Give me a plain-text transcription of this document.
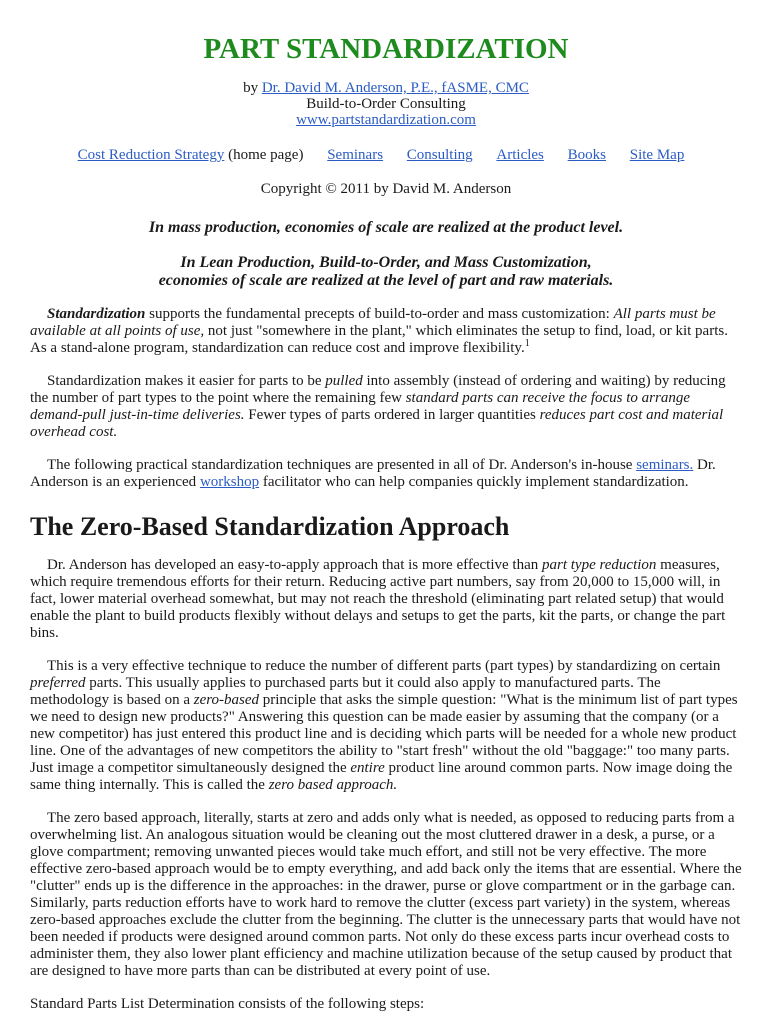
PART STANDARDIZATION
by Dr. David M. Anderson, P.E., fASME, CMC
Build-to-Order Consulting
www.partstandardization.com
Cost Reduction Strategy (home page) Seminars Consulting Articles Books Site Map
Copyright © 2011 by David M. Anderson
In mass production, economies of scale are realized at the product level.
In Lean Production, Build-to-Order, and Mass Customization,
economies of scale are realized at the level of part and raw materials.

Standardization supports the fundamental precepts of build-to-order and mass customization: All parts must be available at all points of use, not just "somewhere in the plant," which eliminates the setup to find, load, or kit parts. As a stand-alone program, standardization can reduce cost and improve flexibility.$^1$

Standardization makes it easier for parts to be pulled into assembly (instead of ordering and waiting) by reducing the number of part types to the point where the remaining few standard parts can receive the focus to arrange demand-pull just-in-time deliveries. Fewer types of parts ordered in larger quantities reduces part cost and material overhead cost.

The following practical standardization techniques are presented in all of Dr. Anderson's in-house seminars. Dr. Anderson is an experienced workshop facilitator who can help companies quickly implement standardization.

The Zero-Based Standardization Approach

Dr. Anderson has developed an easy-to-apply approach that is more effective than part type reduction measures, which require tremendous efforts for their return. Reducing active part numbers, say from 20,000 to 15,000 will, in fact, lower material overhead somewhat, but may not reach the threshold (eliminating part related setup) that would enable the plant to build products flexibly without delays and setups to get the parts, kit the parts, or change the part bins.

This is a very effective technique to reduce the number of different parts (part types) by standardizing on certain preferred parts. This usually applies to purchased parts but it could also apply to manufactured parts. The methodology is based on a zero-based principle that asks the simple question: "What is the minimum list of part types we need to design new products?" Answering this question can be made easier by assuming that the company (or a new competitor) has just entered this product line and is deciding which parts will be needed for a whole new product line. One of the advantages of new competitors the ability to "start fresh" without the old "baggage:" too many parts. Just image a competitor simultaneously designed the entire product line around common parts. Now image doing the same thing internally. This is called the zero based approach.

The zero based approach, literally, starts at zero and adds only what is needed, as opposed to reducing parts from a overwhelming list. An analogous situation would be cleaning out the most cluttered drawer in a desk, a purse, or a glove compartment; removing unwanted pieces would take much effort, and still not be very effective. The more effective zero-based approach would be to empty everything, and add back only the items that are essential. Where the "clutter" ends up is the difference in the approaches: in the drawer, purse or glove compartment or in the garbage can. Similarly, parts reduction efforts have to work hard to remove the clutter (excess part variety) in the system, whereas zero-based approaches exclude the clutter from the beginning. The clutter is the unnecessary parts that would have not been needed if products were designed around common parts. Not only do these excess parts incur overhead costs to administer them, they also lower plant efficiency and machine utilization because of the setup caused by product that are designed to have more parts than can be distributed at every point of use.

Standard Parts List Determination consists of the following steps:
